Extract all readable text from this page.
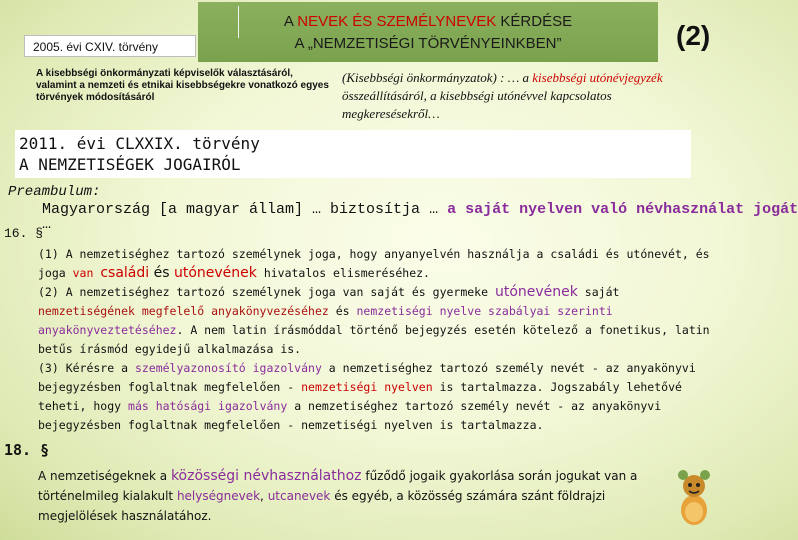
2005. évi CXIV. törvény
A NEVEK ÉS SZEMÉLYNEVEK KÉRDÉSE
A „NEMZETISÉGI TÖRVÉNYEINKBEN”	(2)
A kisebbségi önkormányzati képviselők választásáról, valamint a nemzeti és etnikai kisebbségekre vonatkozó egyes törvények módosításáról
(Kisebbségi önkormányzatok) : … a kisebbségi utónévjegyzék összeállításáról, a kisebbségi utónévvel kapcsolatos megkeresésekről…
2011. évi CLXXIX. törvény
A NEMZETISÉGEK JOGAIRÓL
Preambulum:
Magyarország [a magyar állam] … biztosítja … a saját nyelven való névhasználat jogát
…
16. §

(1) A nemzetiséghez tartozó személynek joga, hogy anyanyelvén használja a családi és utónevét, és joga van családi és utónevének hivatalos elismeréséhez.

(2) A nemzetiséghez tartozó személynek joga van saját és gyermeke utónevének saját nemzetiségének megfelelő anyakönyvezéséhez és nemzetiségi nyelve szabályai szerinti anyakönyveztetéséhez. A nem latin írásmóddal történő bejegyzés esetén kötelező a fonetikus, latin betűs írásmód egyidejű alkalmazása is.

(3) Kérésre a személyazonosító igazolvány a nemzetiséghez tartozó személy nevét - az anyakönyvi bejegyzésben foglaltnak megfelelően - nemzetiségi nyelven is tartalmazza. Jogszabály lehetővé teheti, hogy más hatósági igazolvány a nemzetiséghez tartozó személy nevét - az anyakönyvi bejegyzésben foglaltnak megfelelően - nemzetiségi nyelven is tartalmazza.

18. §
A nemzetiségeknek a közösségi névhasználathoz fűződő jogaik gyakorlása során jogukat van a történelmileg kialakult helységnevek, utcanevek és egyéb, a közösség számára szánt földrajzi megjelölések használatához.
